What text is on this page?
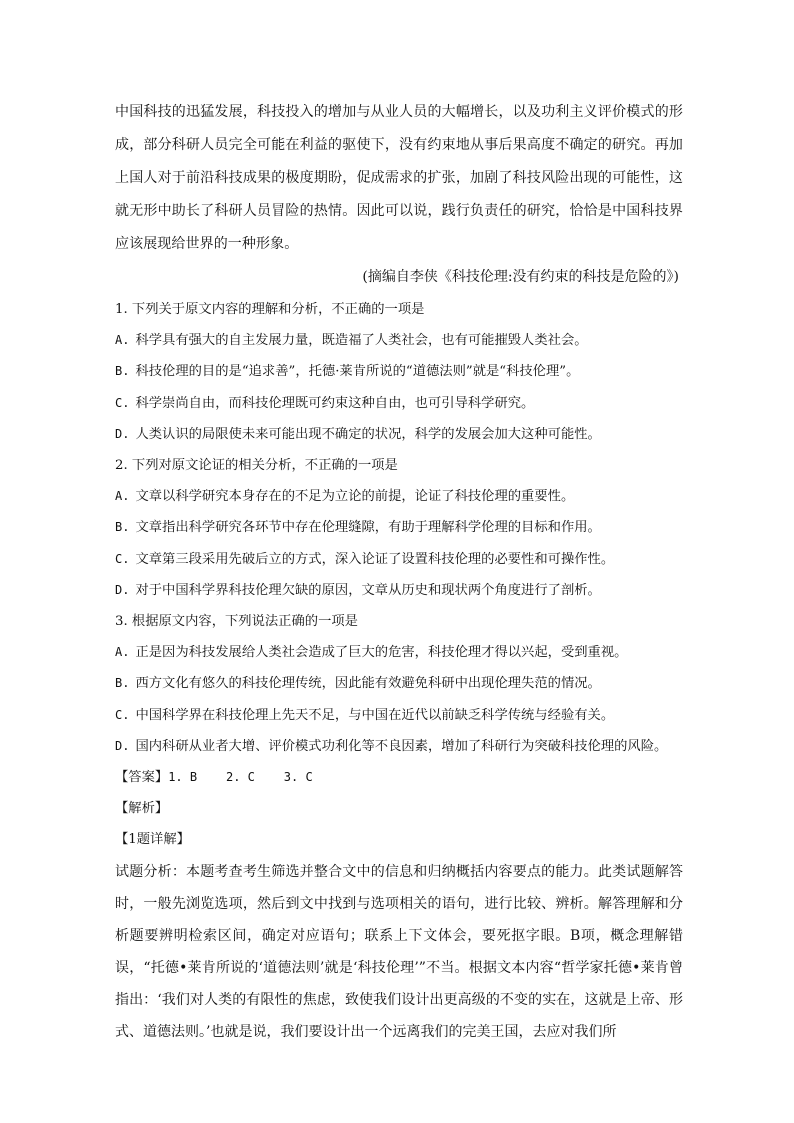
中国科技的迅猛发展，科技投入的增加与从业人员的大幅增长，以及功利主义评价模式的形成，部分科研人员完全可能在利益的驱使下，没有约束地从事后果高度不确定的研究。再加上国人对于前沿科技成果的极度期盼，促成需求的扩张，加剧了科技风险出现的可能性，这就无形中助长了科研人员冒险的热情。因此可以说，践行负责任的研究，恰恰是中国科技界应该展现给世界的一种形象。

(摘编自李侠《科技伦理:没有约束的科技是危险的》)

1. 下列关于原文内容的理解和分析，不正确的一项是

A. 科学具有强大的自主发展力量，既造福了人类社会，也有可能摧毁人类社会。

B. 科技伦理的目的是“追求善”，托德·莱肯所说的“道德法则”就是“科技伦理”。

C. 科学崇尚自由，而科技伦理既可约束这种自由，也可引导科学研究。

D. 人类认识的局限使未来可能出现不确定的状况，科学的发展会加大这种可能性。

2. 下列对原文论证的相关分析，不正确的一项是

A. 文章以科学研究本身存在的不足为立论的前提，论证了科技伦理的重要性。

B. 文章指出科学研究各环节中存在伦理缝隙，有助于理解科学伦理的目标和作用。

C. 文章第三段采用先破后立的方式，深入论证了设置科技伦理的必要性和可操作性。

D. 对于中国科学界科技伦理欠缺的原因，文章从历史和现状两个角度进行了剖析。

3. 根据原文内容，下列说法正确的一项是

A. 正是因为科技发展给人类社会造成了巨大的危害，科技伦理才得以兴起，受到重视。

B. 西方文化有悠久的科技伦理传统，因此能有效避免科研中出现伦理失范的情况。

C. 中国科学界在科技伦理上先天不足，与中国在近代以前缺乏科学传统与经验有关。

D. 国内科研从业者大增、评价模式功利化等不良因素，增加了科研行为突破科技伦理的风险。

【答案】1. B    2. C    3. C

【解析】

【1题详解】

试题分析：本题考查考生筛选并整合文中的信息和归纳概括内容要点的能力。此类试题解答时，一般先浏览选项，然后到文中找到与选项相关的语句，进行比较、辨析。解答理解和分析题要辨明检索区间，确定对应语句；联系上下文体会，要死抠字眼。B项，概念理解错误，“托德•莱肯所说的‘道德法则’就是‘科技伦理’”不当。根据文本内容“哲学家托德•莱肯曾指出：‘我们对人类的有限性的焦虑，致使我们设计出更高级的不变的实在，这就是上帝、形式、道德法则。’也就是说，我们要设计出一个远离我们的完美王国，去应对我们所
